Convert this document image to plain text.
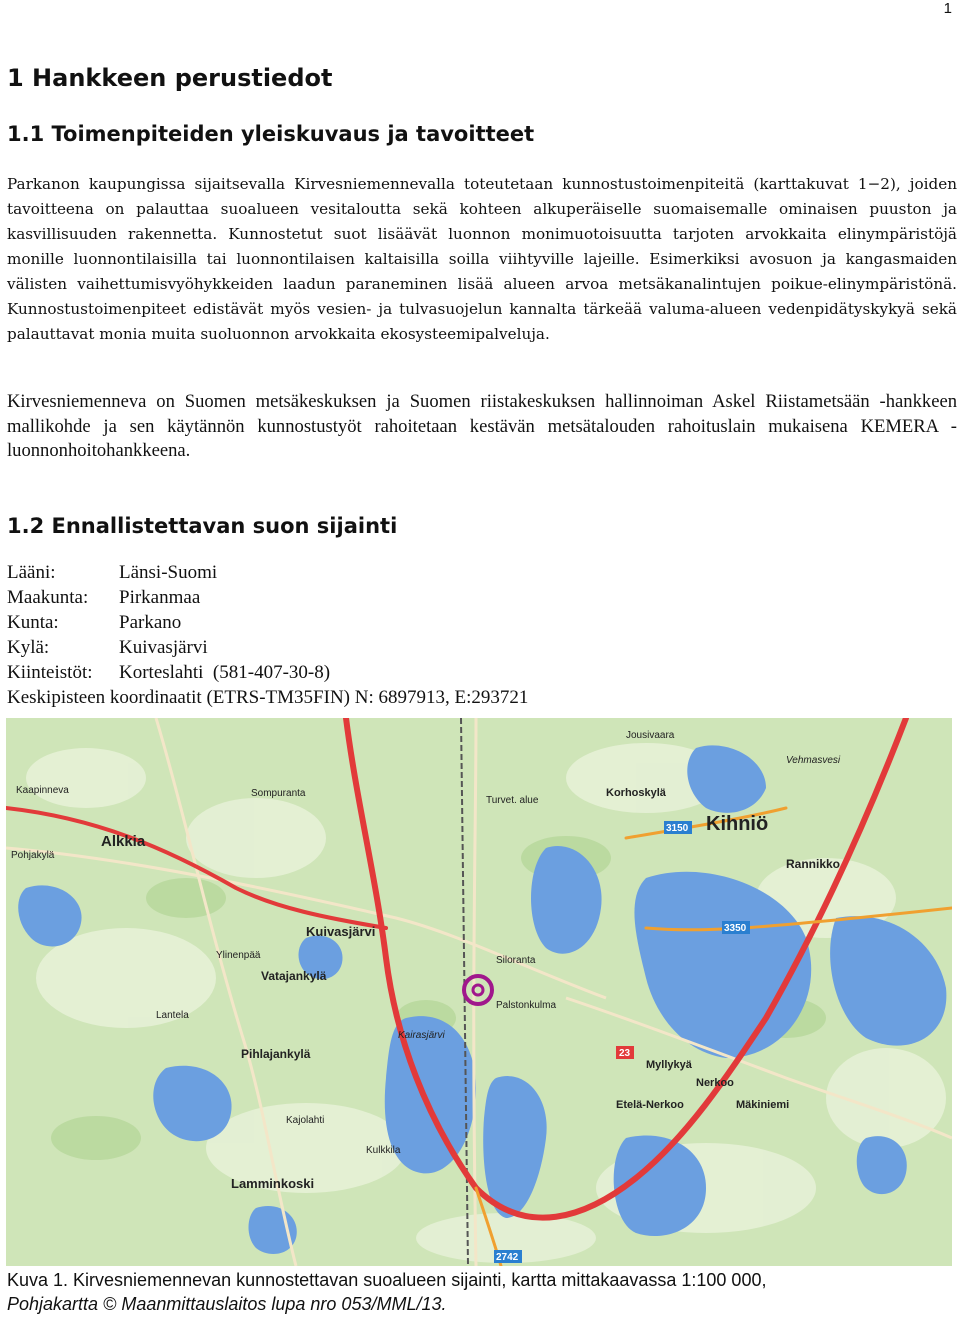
1
1 Hankkeen perustiedot
1.1 Toimenpiteiden yleiskuvaus ja tavoitteet
Parkanon kaupungissa sijaitsevalla Kirvesniemennevalla toteutetaan kunnostustoimenpiteitä (karttakuvat 1−2), joiden tavoitteena on palauttaa suoalueen vesitaloutta sekä kohteen alkuperäiselle suomaisemalle ominaisen puuston ja kasvillisuuden rakennetta. Kunnostetut suot lisäävät luonnon monimuotoisuutta tarjoten arvokkaita elinympäristöjä monille luonnontilaisilla tai luonnontilaisen kaltaisilla soilla viihtyville lajeille. Esimerkiksi avosuon ja kangasmaiden välisten vaihettumisvyöhykkeiden laadun paraneminen lisää alueen arvoa metsäkanalintujen poikue-elinympäristönä. Kunnostustoimenpiteet edistävät myös vesien- ja tulvasuojelun kannalta tärkeää valuma-alueen vedenpidätyskykyä sekä palauttavat monia muita suoluonnon arvokkaita ekosysteemipalveluja.
Kirvesniemenneva on Suomen metsäkeskuksen ja Suomen riistakeskuksen hallinnoiman Askel Riistametsään -hankkeen mallikohde ja sen käytännön kunnostustyöt rahoitetaan kestävän metsätalouden rahoituslain mukaisena KEMERA -luonnonhoitohankkeena.
1.2 Ennallistettavan suon sijainti
Lääni:	Länsi-Suomi
Maakunta:	Pirkanmaa
Kunta:	Parkano
Kylä:	Kuivasjärvi
Kiinteistöt:	Korteslahti  (581-407-30-8)
Keskipisteen koordinaatit (ETRS-TM35FIN) N: 6897913, E:293721
23
3350
3150
2742
Kihniö
Alkkia
Kuivasjärvi
Vatajankylä
Pihlajankylä
Lamminkoski
Korhoskylä
Rannikko
Myllykyä
Etelä-Nerkoo
Nerkoo
Mäkiniemi
Siloranta
Palstonkulma
Kairasjärvi
Sompuranta
Pohjakylä
Kaapinneva
Vehmasvesi
Jousivaara
Turvet. alue
Ylinenpää
Kajolahti
Kulkkila
Lantela
Kuva 1. Kirvesniemennevan kunnostettavan suoalueen sijainti, kartta mittakaavassa 1:100 000,
Pohjakartta © Maanmittauslaitos lupa nro 053/MML/13.
